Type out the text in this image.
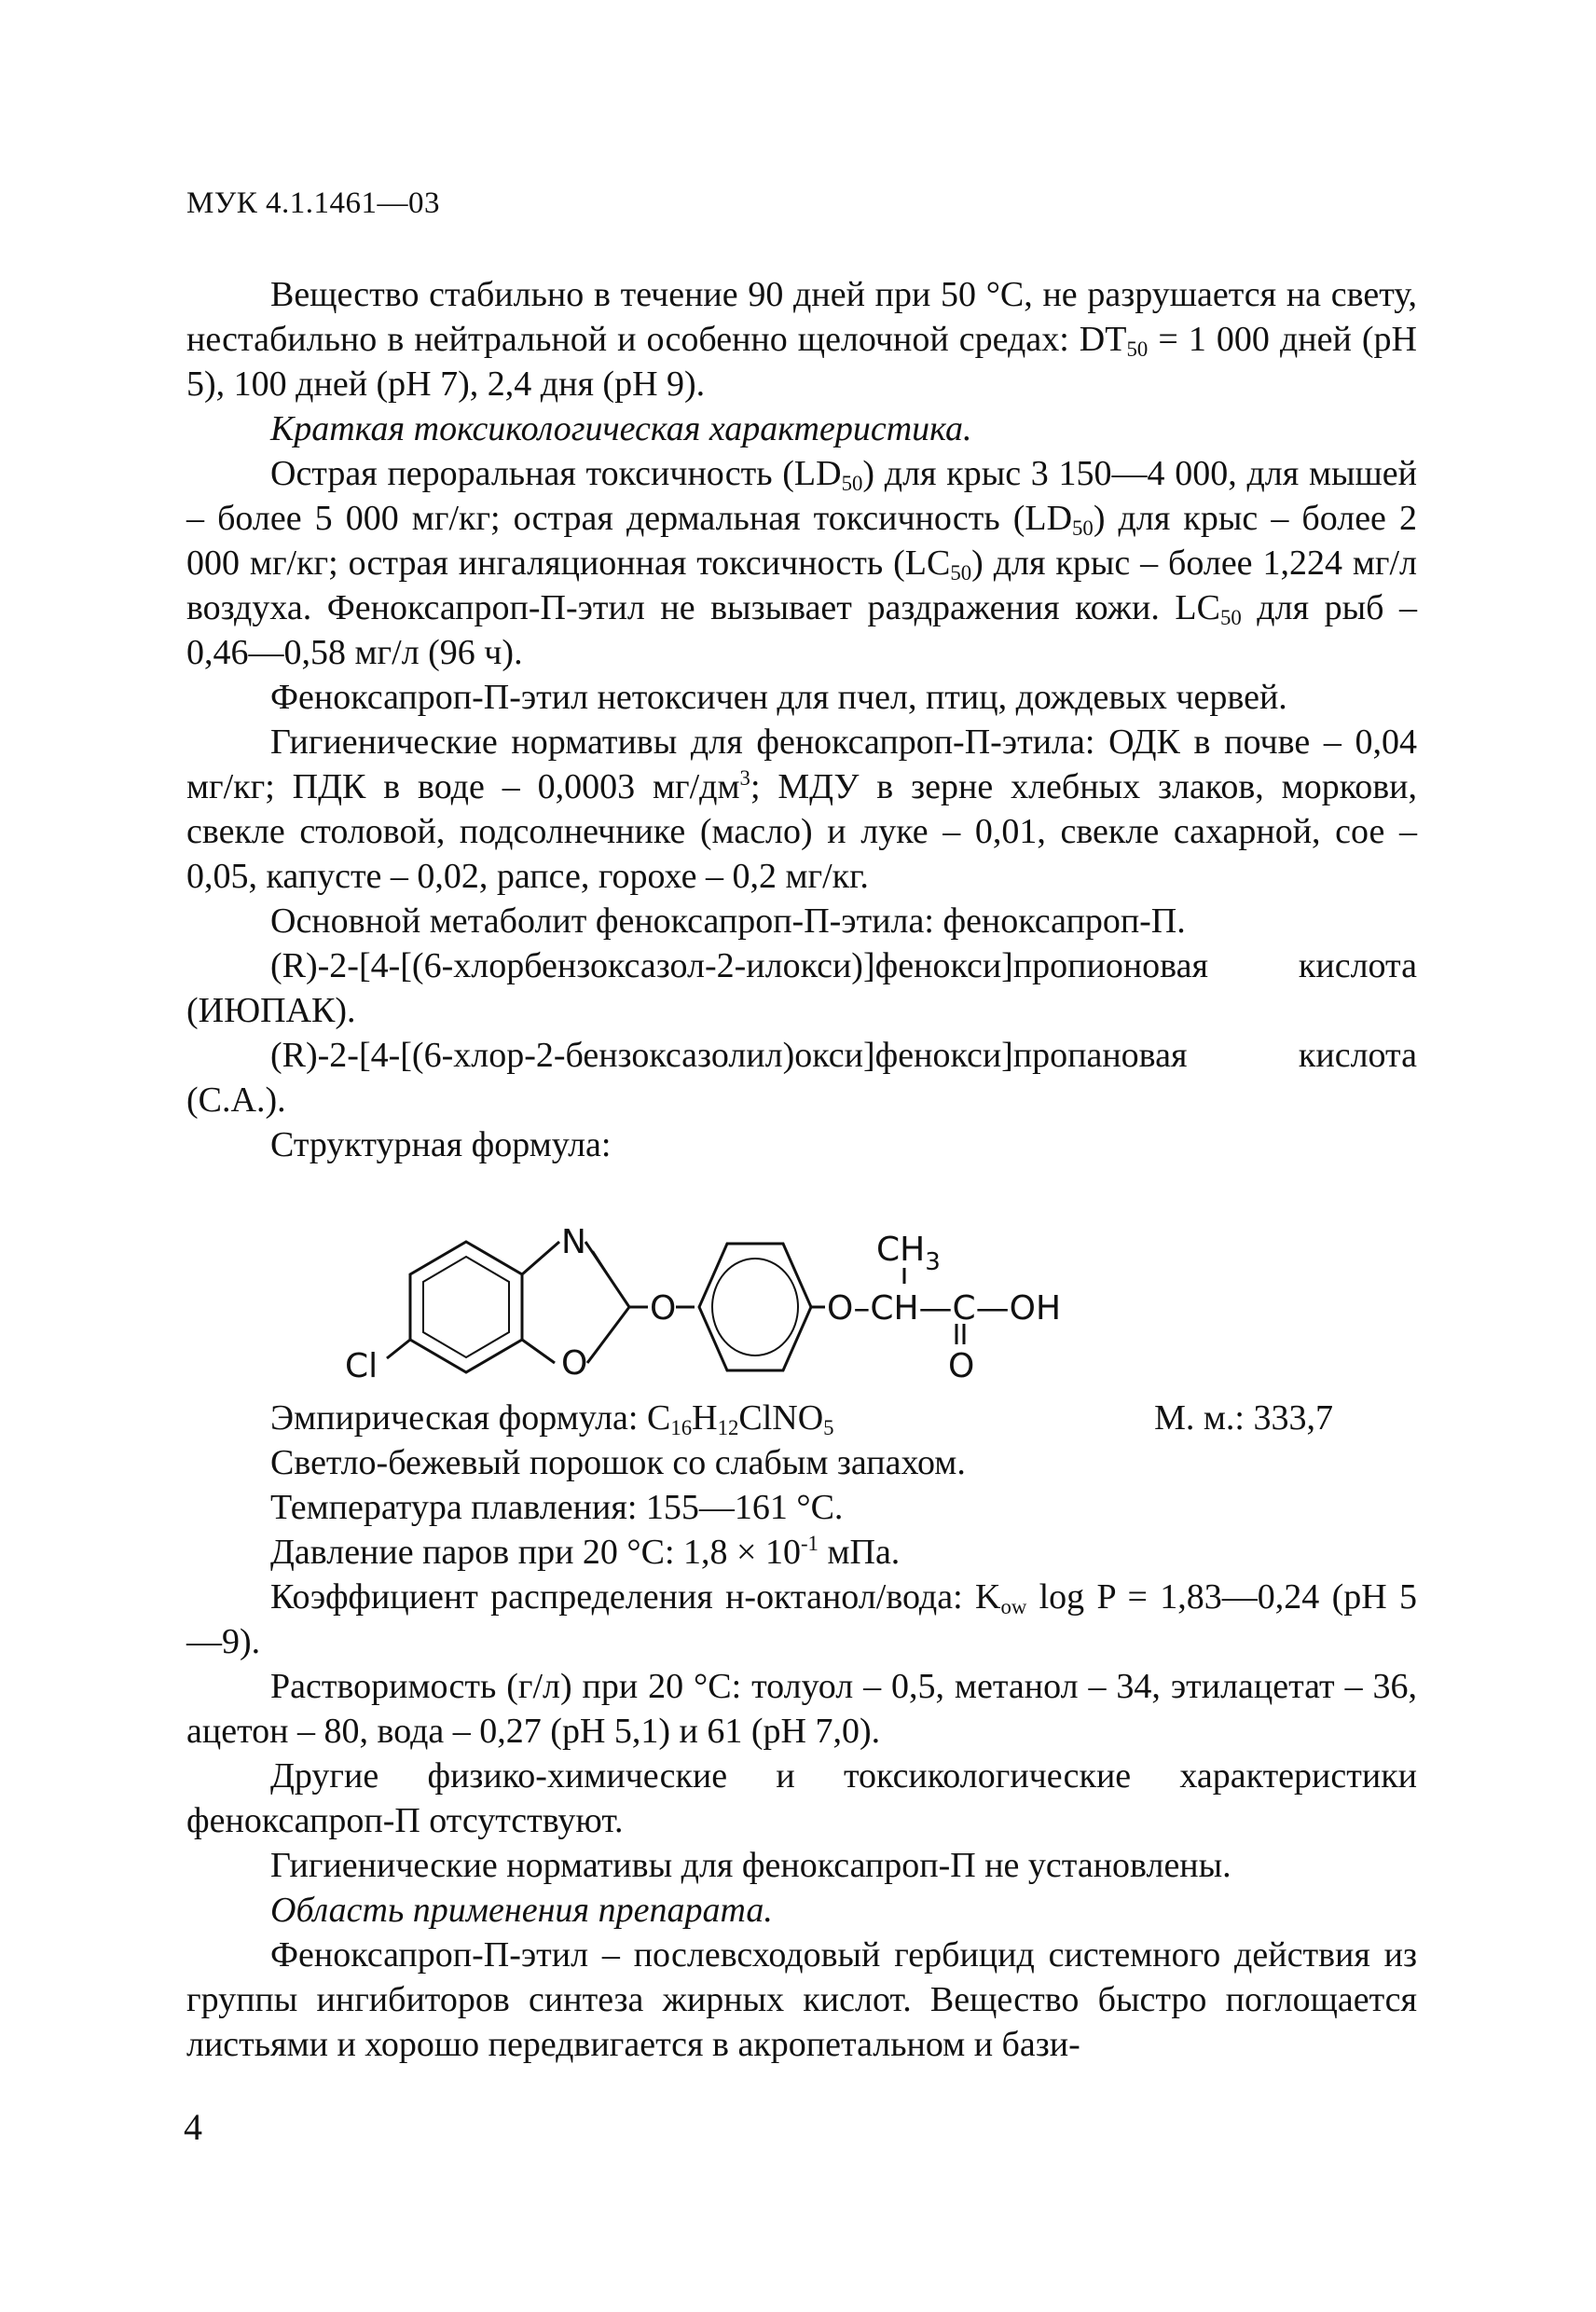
МУК 4.1.1461—03

Вещество стабильно в течение 90 дней при 50 °С, не разрушается на свету, нестабильно в нейтральной и особенно щелочной средах: $DT_{50} = 1$ 000 дней (рН 5), 100 дней (рН 7), 2,4 дня (рН 9).

Краткая токсикологическая характеристика.

Острая пероральная токсичность $(LD_{50})$ для крыс 3 150—4 000, для мышей – более 5 000 мг/кг; острая дермальная токсичность $(LD_{50})$ для крыс – более 2 000 мг/кг; острая ингаляционная токсичность $(LC_{50})$ для крыс – более 1,224 мг/л воздуха. Феноксапроп-П-этил не вызывает раздражения кожи. $LC_{50}$ для рыб – 0,46—0,58 мг/л (96 ч).

Феноксапроп-П-этил нетоксичен для пчел, птиц, дождевых червей.

Гигиенические нормативы для феноксапроп-П-этила: ОДК в почве – 0,04 мг/кг; ПДК в воде – 0,0003 $мг/дм^3$; МДУ в зерне хлебных злаков, моркови, свекле столовой, подсолнечнике (масло) и луке – 0,01, свекле сахарной, сое – 0,05, капусте – 0,02, рапсе, горохе – 0,2 мг/кг.

Основной метаболит феноксапроп-П-этила: феноксапроп-П.

(R)-2-[4-[(6-хлорбензоксазол-2-илокси)]фенокси]пропионовая кислота (ИЮПАК).

(R)-2-[4-[(6-хлор-2-бензоксазолил)окси]фенокси]пропановая кислота (С.А.).

Структурная формула:

N
O
O
Cl
$CH_3$
O–CH—C—OH
O
Эмпирическая формула: $C_{16}H_{12}ClNO_5$	М. м.: 333,7

Светло-бежевый порошок со слабым запахом.

Температура плавления: 155—161 °С.

Давление паров при 20 °С: $1,8 \times 10^{-1}$ мПа.

Коэффициент распределения н-октанол/вода: $K_{ow}$ log P = 1,83—0,24 (рН 5—9).

Растворимость (г/л) при 20 °С: толуол – 0,5, метанол – 34, этилацетат – 36, ацетон – 80, вода – 0,27 (рН 5,1) и 61 (рН 7,0).

Другие физико-химические и токсикологические характеристики феноксапроп-П отсутствуют.

Гигиенические нормативы для феноксапроп-П не установлены.

Область применения препарата.

Феноксапроп-П-этил – послевсходовый гербицид системного действия из группы ингибиторов синтеза жирных кислот. Вещество быстро поглощается листьями и хорошо передвигается в акропетальном и бази-

4
